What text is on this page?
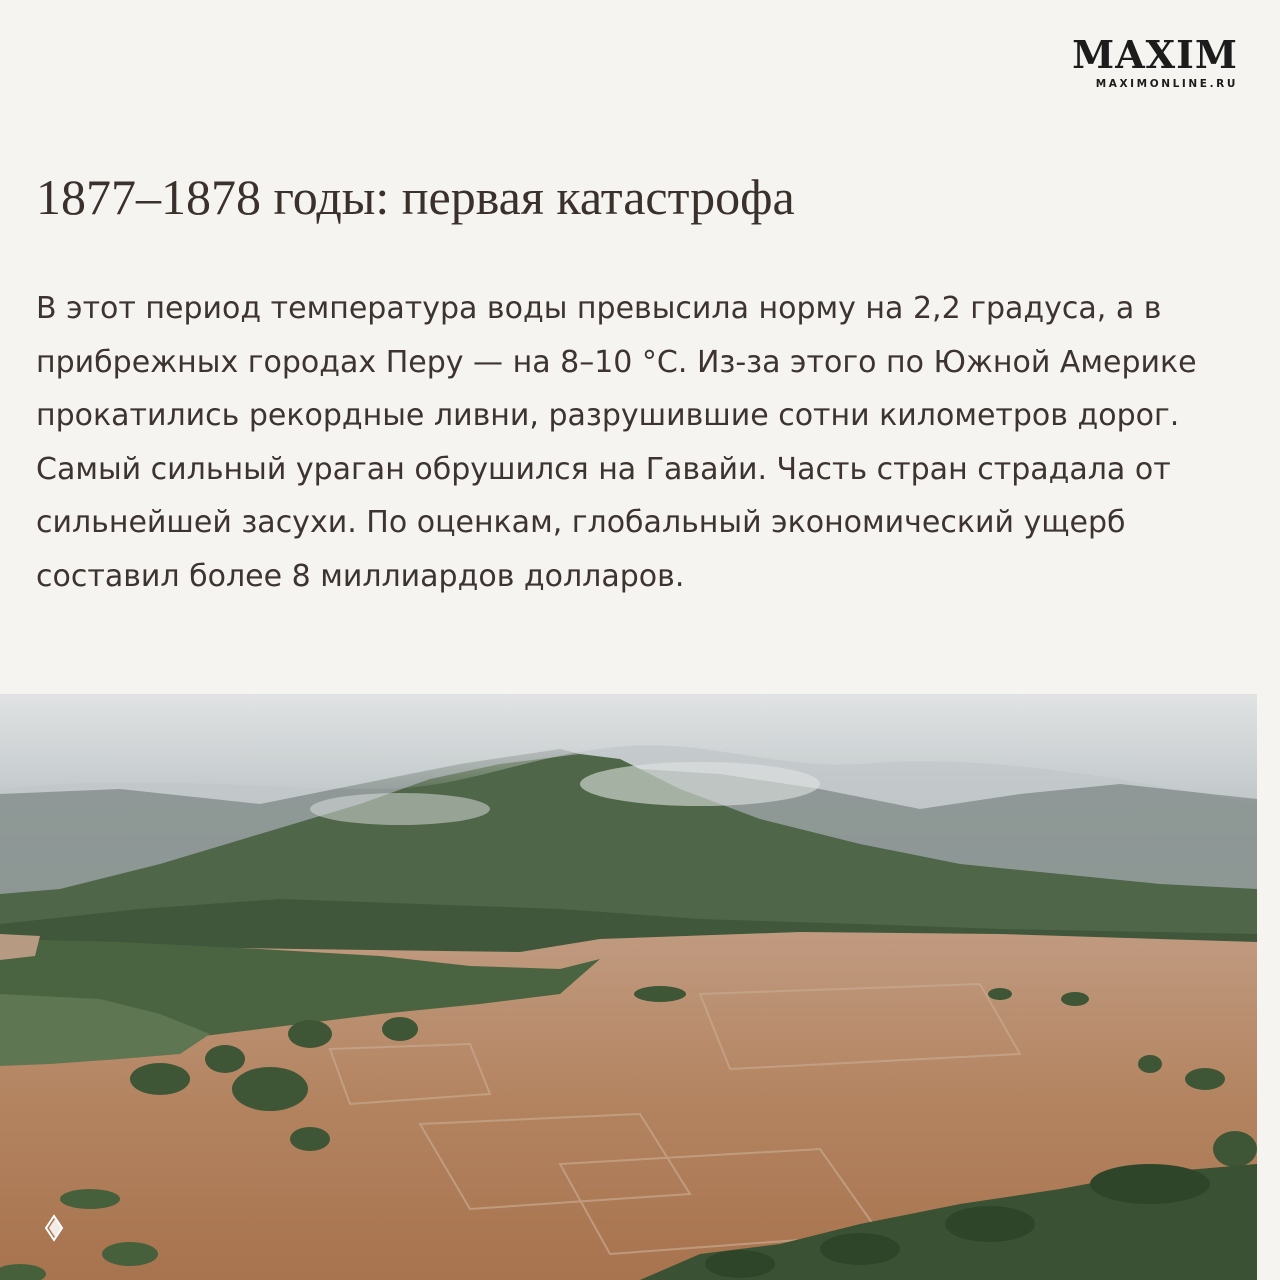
MAXIM
MAXIMONLINE.RU
1877–1878 годы: первая катастрофа

В этот период температура воды превысила норму на 2,2 градуса, а в прибрежных городах Перу — на 8–10 °С. Из-за этого по Южной Америке прокатились рекордные ливни, разрушившие сотни километров дорог. Самый сильный ураган обрушился на Гавайи. Часть стран страдала от сильнейшей засухи. По оценкам, глобальный экономический ущерб составил более 8 миллиардов долларов.
